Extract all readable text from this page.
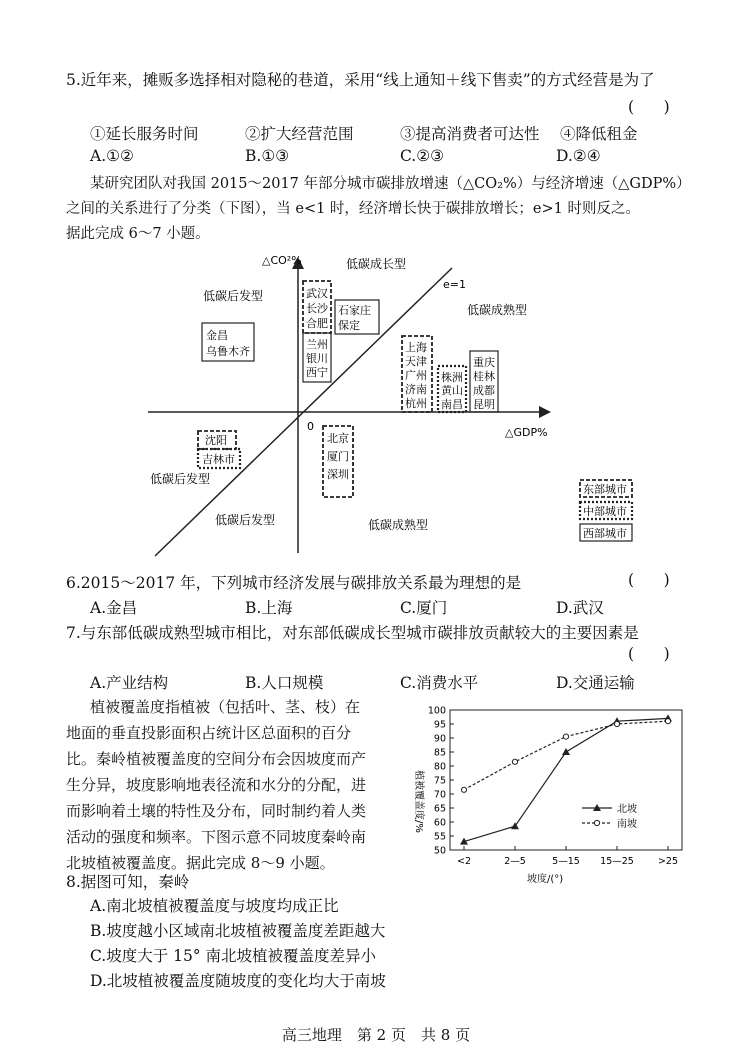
5.近年来，摊贩多选择相对隐秘的巷道，采用“线上通知＋线下售卖”的方式经营是为了
(      )
①延长服务时间	②扩大经营范围	③提高消费者可达性 ④降低租金
A.①②	B.①③	C.②③	D.②④
某研究团队对我国 2015～2017 年部分城市碳排放增速（△CO₂%）与经济增速（△GDP%）
之间的关系进行了分类（下图），当 e<1 时，经济增长快于碳排放增长；e>1 时则反之。
据此完成 6～7 小题。
△CO²%
△GDP%
0
e=1
低碳成长型
低碳后发型
低碳成熟型
低碳后发型
低碳后发型	低碳成熟型
金昌
乌鲁木齐
武汉
长沙
合肥
石家庄
保定
兰州
银川
西宁
上海
天津
广州
济南
杭州
株洲
黄山
南昌
重庆
桂林
成都
昆明
沈阳
吉林市
北京
厦门
深圳
东部城市
中部城市
西部城市
6.2015～2017 年，下列城市经济发展与碳排放关系最为理想的是	(      )
A.金昌	B.上海	C.厦门	D.武汉
7.与东部低碳成熟型城市相比，对东部低碳成长型城市碳排放贡献较大的主要因素是
(      )
A.产业结构	B.人口规模	C.消费水平	D.交通运输
植被覆盖度指植被（包括叶、茎、枝）在
地面的垂直投影面积占统计区总面积的百分
比。秦岭植被覆盖度的空间分布会因坡度而产
生分异，坡度影响地表径流和水分的分配，进
而影响着土壤的特性及分布，同时制约着人类
活动的强度和频率。下图示意不同坡度秦岭南
北坡植被覆盖度。据此完成 8～9 小题。
50
55
60
65
70
75
80
85
90
95
100
<2	2—5	5—15 15—25	>25
植被覆盖度/%
坡度/(°)
北坡
南坡
8.据图可知，秦岭
A.南北坡植被覆盖度与坡度均成正比
B.坡度越小区域南北坡植被覆盖度差距越大
C.坡度大于 15° 南北坡植被覆盖度差异小
D.北坡植被覆盖度随坡度的变化均大于南坡
高三地理　第 2 页　共 8 页
